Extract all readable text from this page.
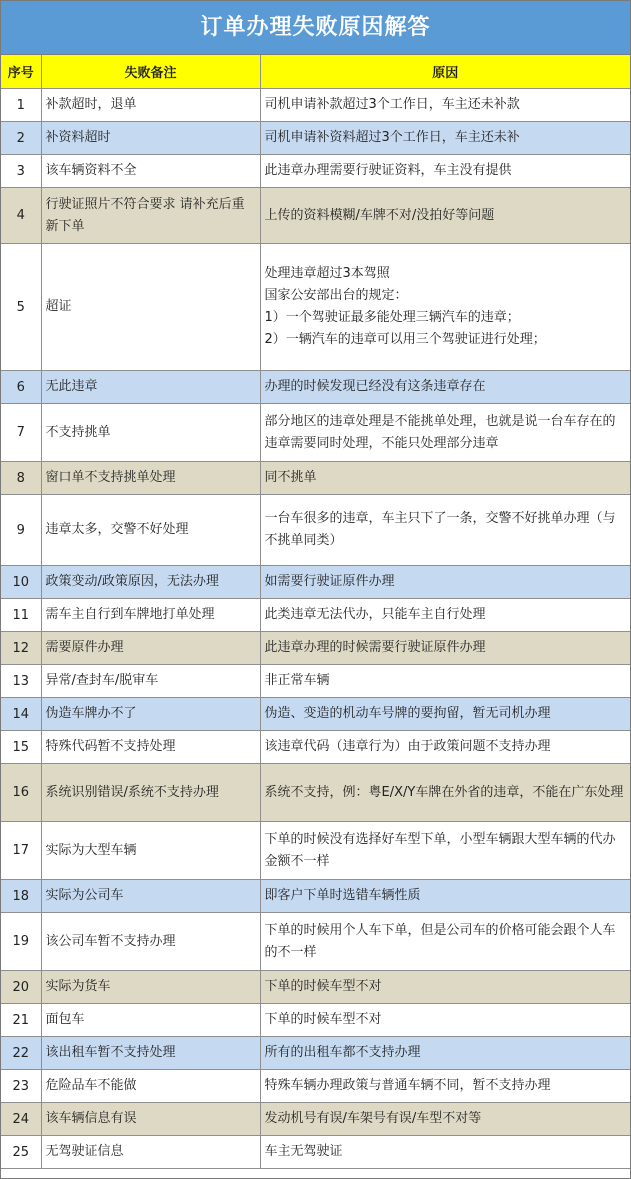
订单办理失败原因解答
序号	失败备注	原因
1	补款超时，退单	司机申请补款超过3个工作日，车主还未补款

2	补资料超时	司机申请补资料超过3个工作日，车主还未补

3	该车辆资料不全	此违章办理需要行驶证资料，车主没有提供

4	行驶证照片不符合要求 请补充后重新下单	上传的资料模糊/车牌不对/没拍好等问题

5	超证	处理违章超过3本驾照
国家公安部出台的规定：
1）一个驾驶证最多能处理三辆汽车的违章；
2）一辆汽车的违章可以用三个驾驶证进行处理；

6	无此违章	办理的时候发现已经没有这条违章存在

7	不支持挑单	部分地区的违章处理是不能挑单处理，也就是说一台车存在的违章需要同时处理，不能只处理部分违章

8	窗口单不支持挑单处理	同不挑单

9	违章太多，交警不好处理	一台车很多的违章，车主只下了一条，交警不好挑单办理（与不挑单同类）

10	政策变动/政策原因，无法办理	如需要行驶证原件办理

11	需车主自行到车牌地打单处理	此类违章无法代办，只能车主自行处理

12	需要原件办理	此违章办理的时候需要行驶证原件办理

13	异常/查封车/脱审车	非正常车辆

14	伪造车牌办不了	伪造、变造的机动车号牌的要拘留，暂无司机办理

15	特殊代码暂不支持处理	该违章代码（违章行为）由于政策问题不支持办理

16	系统识别错误/系统不支持办理	系统不支持，例：粤E/X/Y车牌在外省的违章，不能在广东处理

17	实际为大型车辆	下单的时候没有选择好车型下单，小型车辆跟大型车辆的代办金额不一样

18	实际为公司车	即客户下单时选错车辆性质

19	该公司车暂不支持办理	下单的时候用个人车下单，但是公司车的价格可能会跟个人车的不一样

20	实际为货车	下单的时候车型不对

21	面包车	下单的时候车型不对

22	该出租车暂不支持处理	所有的出租车都不支持办理

23	危险品车不能做	特殊车辆办理政策与普通车辆不同，暂不支持办理

24	该车辆信息有误	发动机号有误/车架号有误/车型不对等

25	无驾驶证信息	车主无驾驶证
